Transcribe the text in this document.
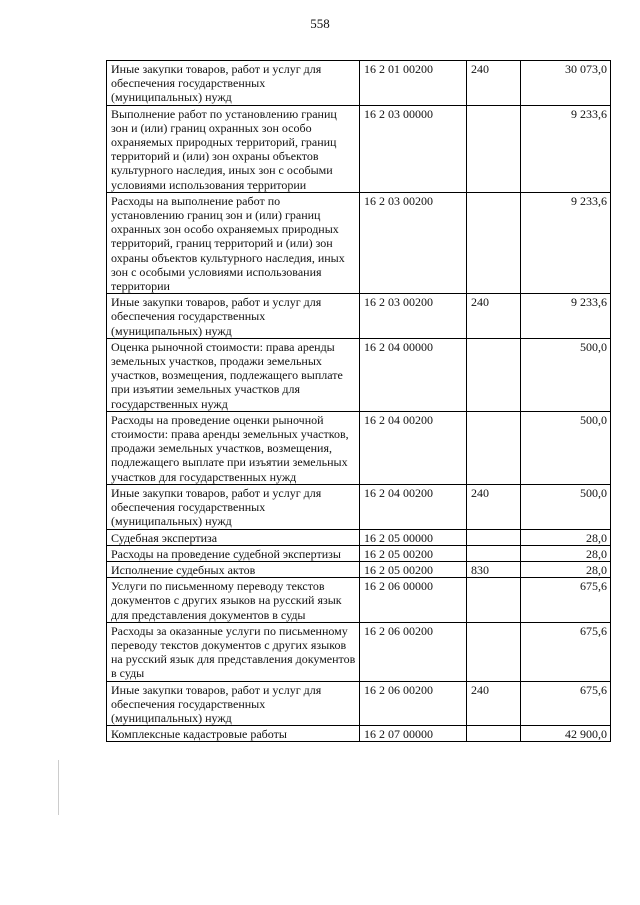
558
Иные закупки товаров, работ и услуг для обеспечения государственных (муниципальных) нужд	16 2 01 00200	240	30 073,0
Выполнение работ по установлению границ зон и (или) границ охранных зон особо охраняемых природных территорий, границ территорий и (или) зон охраны объектов культурного наследия, иных зон с особыми условиями использования территории	16 2 03 00000		9 233,6
Расходы на выполнение работ по установлению границ зон и (или) границ охранных зон особо охраняемых природных территорий, границ территорий и (или) зон охраны объектов культурного наследия, иных зон с особыми условиями использования территории	16 2 03 00200		9 233,6
Иные закупки товаров, работ и услуг для обеспечения государственных (муниципальных) нужд	16 2 03 00200	240	9 233,6
Оценка рыночной стоимости: права аренды земельных участков, продажи земельных участков, возмещения, подлежащего выплате при изъятии земельных участков для государственных нужд	16 2 04 00000		500,0
Расходы на проведение оценки рыночной стоимости: права аренды земельных участков, продажи земельных участков, возмещения, подлежащего выплате при изъятии земельных участков для государственных нужд	16 2 04 00200		500,0
Иные закупки товаров, работ и услуг для обеспечения государственных (муниципальных) нужд	16 2 04 00200	240	500,0
Судебная экспертиза	16 2 05 00000		28,0
Расходы на проведение судебной экспертизы	16 2 05 00200		28,0
Исполнение судебных актов	16 2 05 00200	830	28,0
Услуги по письменному переводу текстов документов с других языков на русский язык для представления документов в суды	16 2 06 00000		675,6
Расходы за оказанные услуги по письменному переводу текстов документов с других языков на русский язык для представления документов в суды	16 2 06 00200		675,6
Иные закупки товаров, работ и услуг для обеспечения государственных (муниципальных) нужд	16 2 06 00200	240	675,6
Комплексные кадастровые работы	16 2 07 00000		42 900,0
